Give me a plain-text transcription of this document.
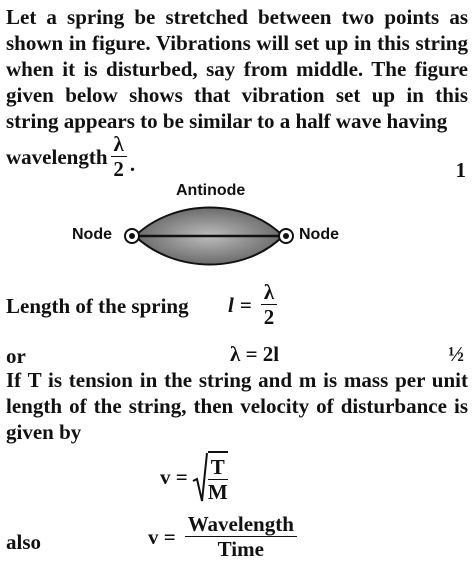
Let a spring be stretched between two points as shown in figure. Vibrations will set up in this string when it is disturbed, say from middle. The figure given below shows that vibration set up in this string appears to be similar to a half wave having
wavelength $\frac{\lambda}{2}$ .	1
Antinode
Node	Node
Length of the spring $l = \frac{\lambda}{2}$
or	λ = 2l	½
If T is tension in the string and m is mass per unit length of the string, then velocity of disturbance is given by
$v = \frac{T}{M}$
also	$v = \frac{\text{Wavelength}}{\text{Time}}$
